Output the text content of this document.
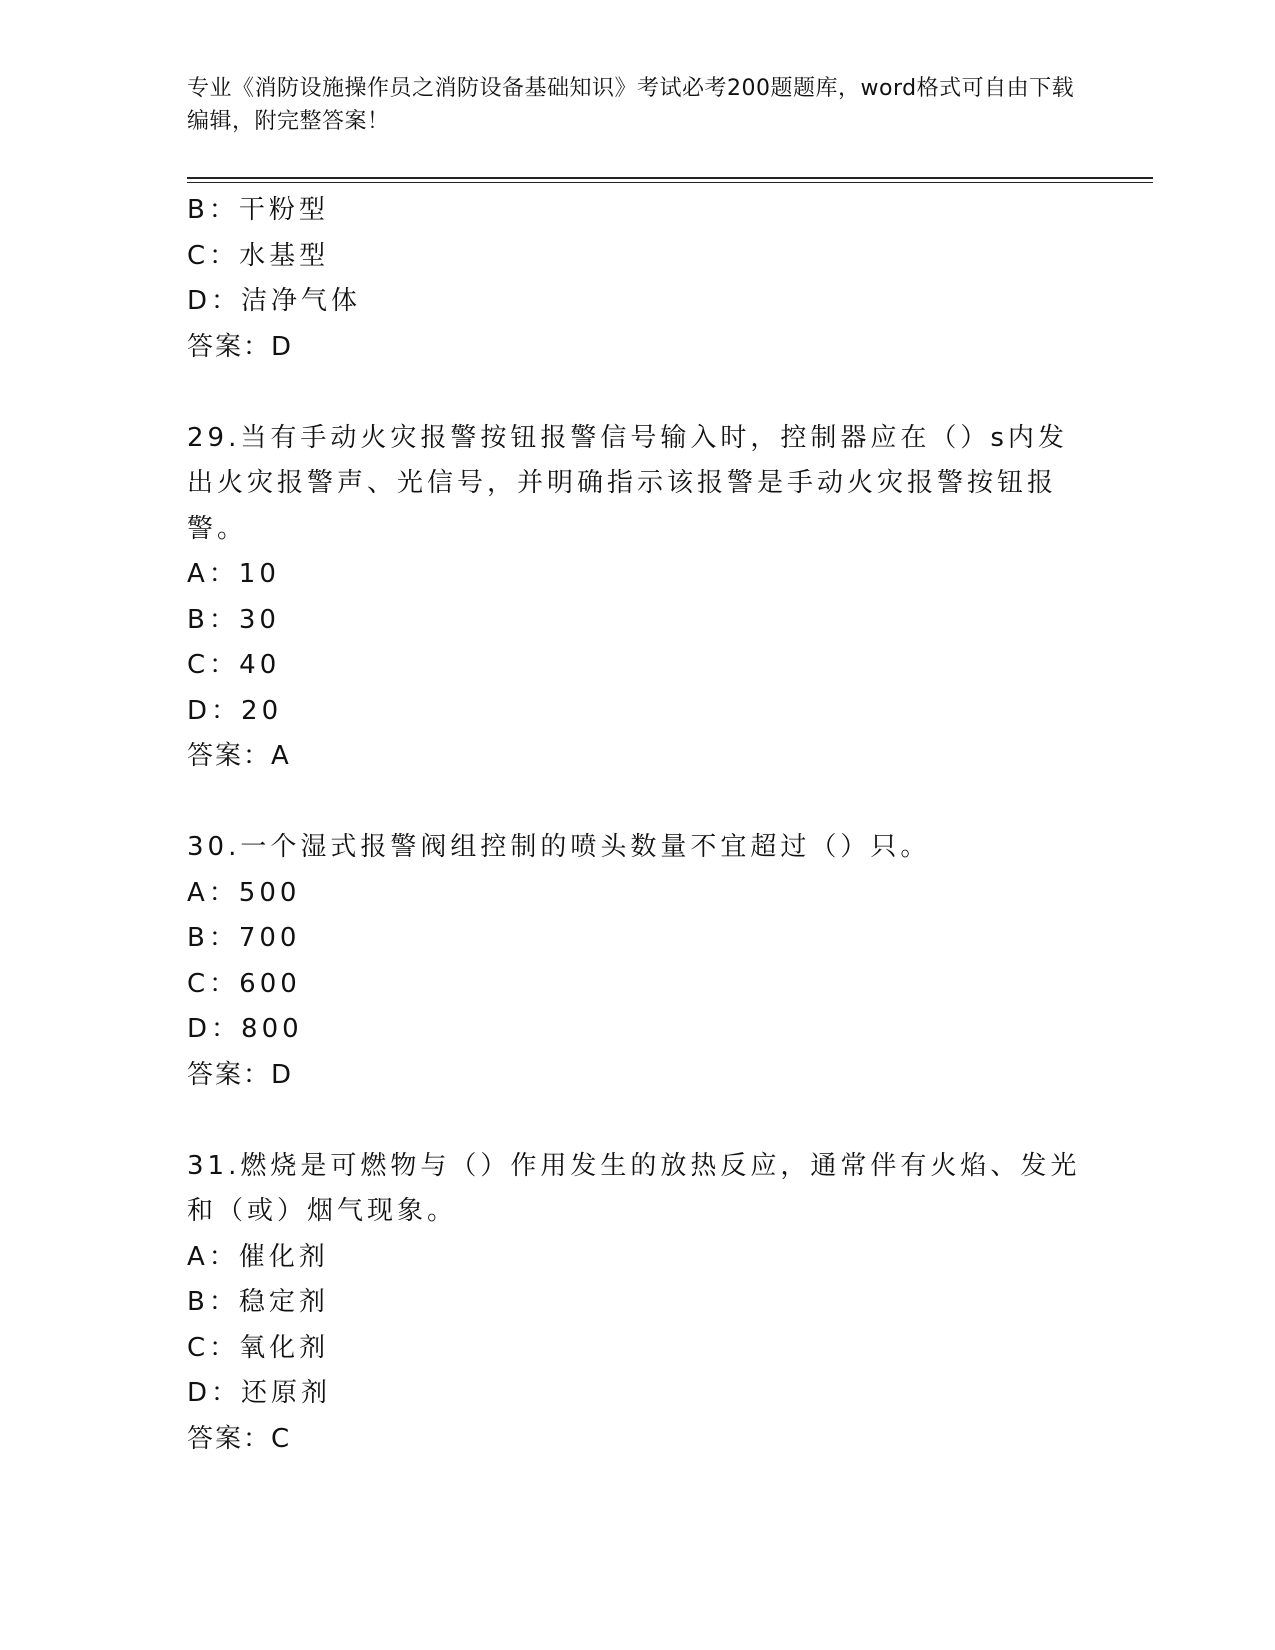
专业《消防设施操作员之消防设备基础知识》考试必考200题题库，word格式可自由下载编辑，附完整答案！
B：干粉型
C：水基型
D：洁净气体
答案：D
29.当有手动火灾报警按钮报警信号输入时，控制器应在（）s内发出火灾报警声、光信号，并明确指示该报警是手动火灾报警按钮报警。
A：10
B：30
C：40
D：20
答案：A
30.一个湿式报警阀组控制的喷头数量不宜超过（）只。
A：500
B：700
C：600
D：800
答案：D
31.燃烧是可燃物与（）作用发生的放热反应，通常伴有火焰、发光和（或）烟气现象。
A：催化剂
B：稳定剂
C：氧化剂
D：还原剂
答案：C
